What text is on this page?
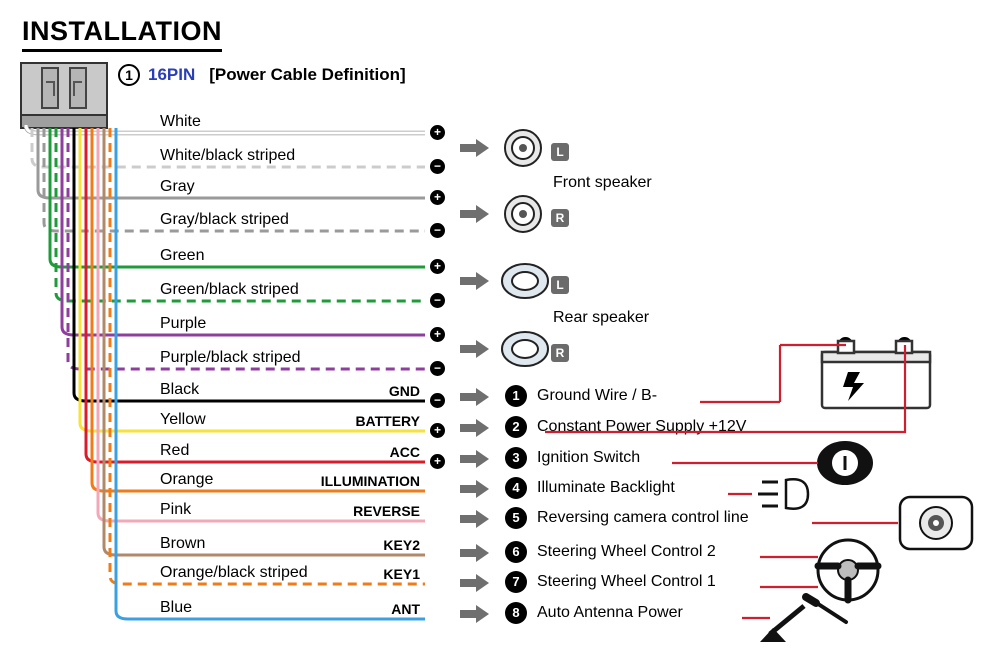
INSTALLATION
1 16PIN [Power Cable Definition]
White
+
White/black striped
−
Gray
+
Gray/black striped
−
Green
+
Green/black striped
−
Purple
+
Purple/black striped
−
Black	GND
−
Yellow	BATTERY
+
Red	ACC
+
Orange	ILLUMINATION
Pink	REVERSE
Brown	KEY2
Orange/black striped	KEY1
Blue	ANT
L
R
L
R
Front speaker
Rear speaker
1	Ground Wire / B-
2	Constant Power Supply +12V
3	Ignition Switch
4	Illuminate Backlight
5	Reversing camera control line
6	Steering Wheel Control 2
7	Steering Wheel Control 1
8	Auto Antenna Power
